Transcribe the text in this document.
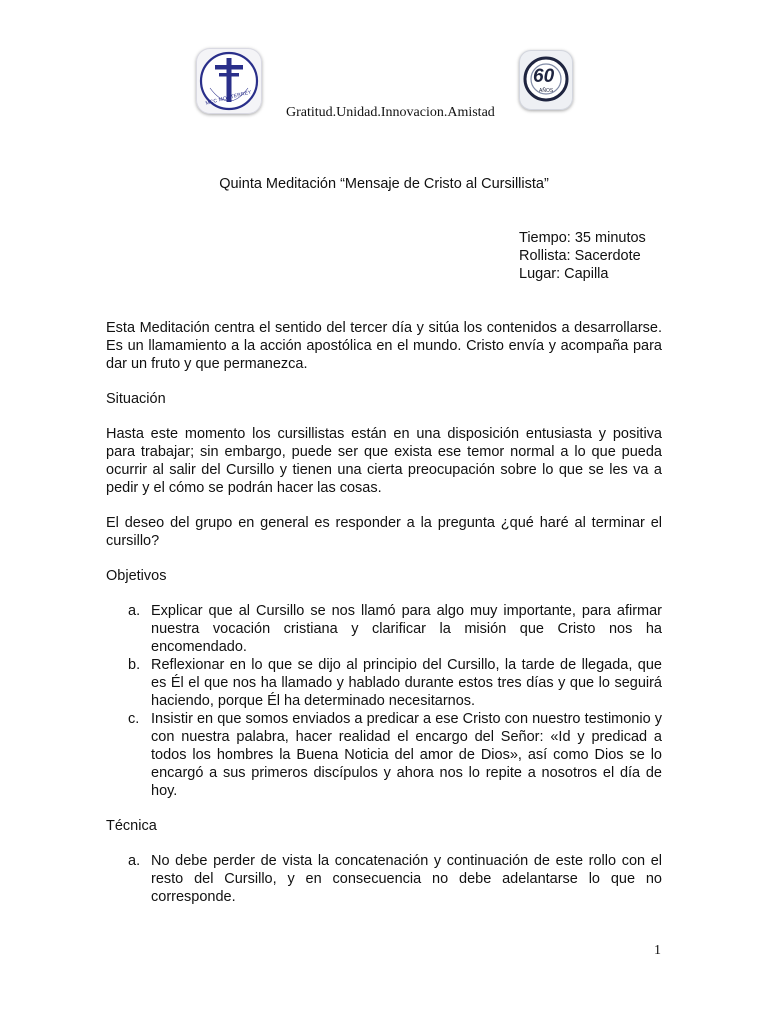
MCC MONTERREY
60
AÑOS
Gratitud.Unidad.Innovacion.Amistad
Quinta Meditación “Mensaje de Cristo al Cursillista”
Tiempo: 35 minutos
Rollista: Sacerdote
Lugar: Capilla

Esta Meditación centra el sentido del tercer día y sitúa los contenidos a desarrollarse. Es un llamamiento a la acción apostólica en el mundo. Cristo envía y acompaña para dar un fruto y que permanezca.

Situación

Hasta este momento los cursillistas están en una disposición entusiasta y positiva para trabajar; sin embargo, puede ser que exista ese temor normal a lo que pueda ocurrir al salir del Cursillo y tienen una cierta preocupación sobre lo que se les va a pedir y el cómo se podrán hacer las cosas.

El deseo del grupo en general es responder a la pregunta ¿qué haré al terminar el cursillo?

Objetivos

a. Explicar que al Cursillo se nos llamó para algo muy importante, para afirmar nuestra vocación cristiana y clarificar la misión que Cristo nos ha encomendado.
b. Reflexionar en lo que se dijo al principio del Cursillo, la tarde de llegada, que es Él el que nos ha llamado y hablado durante estos tres días y que lo seguirá haciendo, porque Él ha determinado necesitarnos.
c. Insistir en que somos enviados a predicar a ese Cristo con nuestro testimonio y con nuestra palabra, hacer realidad el encargo del Señor: «Id y predicad a todos los hombres la Buena Noticia del amor de Dios», así como Dios se lo encargó a sus primeros discípulos y ahora nos lo repite a nosotros el día de hoy.

Técnica

a. No debe perder de vista la concatenación y continuación de este rollo con el resto del Cursillo, y en consecuencia no debe adelantarse lo que no corresponde.
1
